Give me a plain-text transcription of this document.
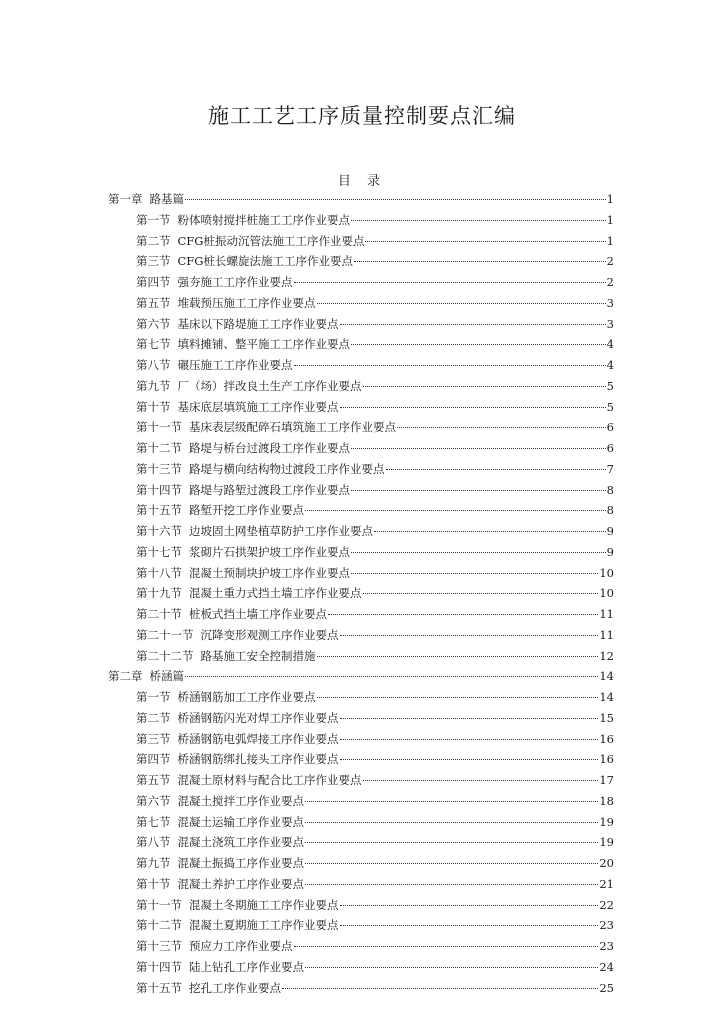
施工工艺工序质量控制要点汇编
目 录
第一章 路基篇	1
第一节 粉体喷射搅拌桩施工工序作业要点	1
第二节 CFG桩振动沉管法施工工序作业要点	1
第三节 CFG桩长螺旋法施工工序作业要点	2
第四节 强夯施工工序作业要点	2
第五节 堆载预压施工工序作业要点	3
第六节 基床以下路堤施工工序作业要点	3
第七节 填料摊铺、整平施工工序作业要点	4
第八节 碾压施工工序作业要点	4
第九节 厂（场）拌改良土生产工序作业要点	5
第十节 基床底层填筑施工工序作业要点	5
第十一节 基床表层级配碎石填筑施工工序作业要点	6
第十二节 路堤与桥台过渡段工序作业要点	6
第十三节 路堤与横向结构物过渡段工序作业要点	7
第十四节 路堤与路堑过渡段工序作业要点	8
第十五节 路堑开挖工序作业要点	8
第十六节 边坡固土网垫植草防护工序作业要点	9
第十七节 浆砌片石拱架护坡工序作业要点	9
第十八节 混凝土预制块护坡工序作业要点	10
第十九节 混凝土重力式挡土墙工序作业要点	10
第二十节 桩板式挡土墙工序作业要点	11
第二十一节 沉降变形观测工序作业要点	11
第二十二节 路基施工安全控制措施	12
第二章 桥涵篇	14
第一节 桥涵钢筋加工工序作业要点	14
第二节 桥涵钢筋闪光对焊工序作业要点	15
第三节 桥涵钢筋电弧焊接工序作业要点	16
第四节 桥涵钢筋绑扎接头工序作业要点	16
第五节 混凝土原材料与配合比工序作业要点	17
第六节 混凝土搅拌工序作业要点	18
第七节 混凝土运输工序作业要点	19
第八节 混凝土浇筑工序作业要点	19
第九节 混凝土振捣工序作业要点	20
第十节 混凝土养护工序作业要点	21
第十一节 混凝土冬期施工工序作业要点	22
第十二节 混凝土夏期施工工序作业要点	23
第十三节 预应力工序作业要点	23
第十四节 陆上钻孔工序作业要点	24
第十五节 挖孔工序作业要点	25
